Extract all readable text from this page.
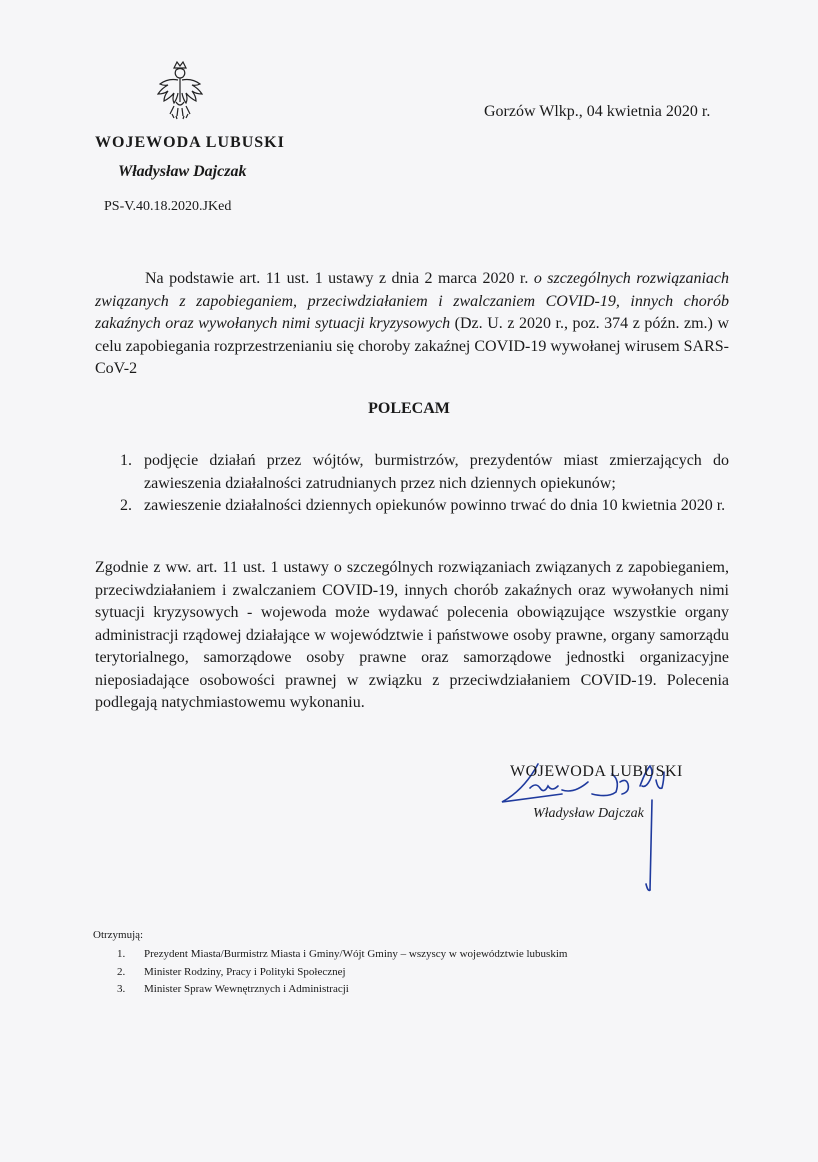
Gorzów Wlkp., 04 kwietnia 2020 r.
WOJEWODA LUBUSKI
Władysław Dajczak
PS-V.40.18.2020.JKed

Na podstawie art. 11 ust. 1 ustawy z dnia 2 marca 2020 r. o szczególnych rozwiązaniach związanych z zapobieganiem, przeciwdziałaniem i zwalczaniem COVID-19, innych chorób zakaźnych oraz wywołanych nimi sytuacji kryzysowych (Dz. U. z 2020 r., poz. 374 z późn. zm.) w celu zapobiegania rozprzestrzenianiu się choroby zakaźnej COVID-19 wywołanej wirusem SARS-CoV-2

POLECAM
1. podjęcie działań przez wójtów, burmistrzów, prezydentów miast zmierzających do zawieszenia działalności zatrudnianych przez nich dziennych opiekunów;
2. zawieszenie działalności dziennych opiekunów powinno trwać do dnia 10 kwietnia 2020 r.

Zgodnie z ww. art. 11 ust. 1 ustawy o szczególnych rozwiązaniach związanych z zapobieganiem, przeciwdziałaniem i zwalczaniem COVID-19, innych chorób zakaźnych oraz wywołanych nimi sytuacji kryzysowych - wojewoda może wydawać polecenia obowiązujące wszystkie organy administracji rządowej działające w województwie i państwowe osoby prawne, organy samorządu terytorialnego, samorządowe osoby prawne oraz samorządowe jednostki organizacyjne nieposiadające osobowości prawnej w związku z przeciwdziałaniem COVID-19. Polecenia podlegają natychmiastowemu wykonaniu.

WOJEWODA LUBUSKI
Władysław Dajczak
Otrzymują:
1. Prezydent Miasta/Burmistrz Miasta i Gminy/Wójt Gminy – wszyscy w województwie lubuskim
2. Minister Rodziny, Pracy i Polityki Społecznej
3. Minister Spraw Wewnętrznych i Administracji
